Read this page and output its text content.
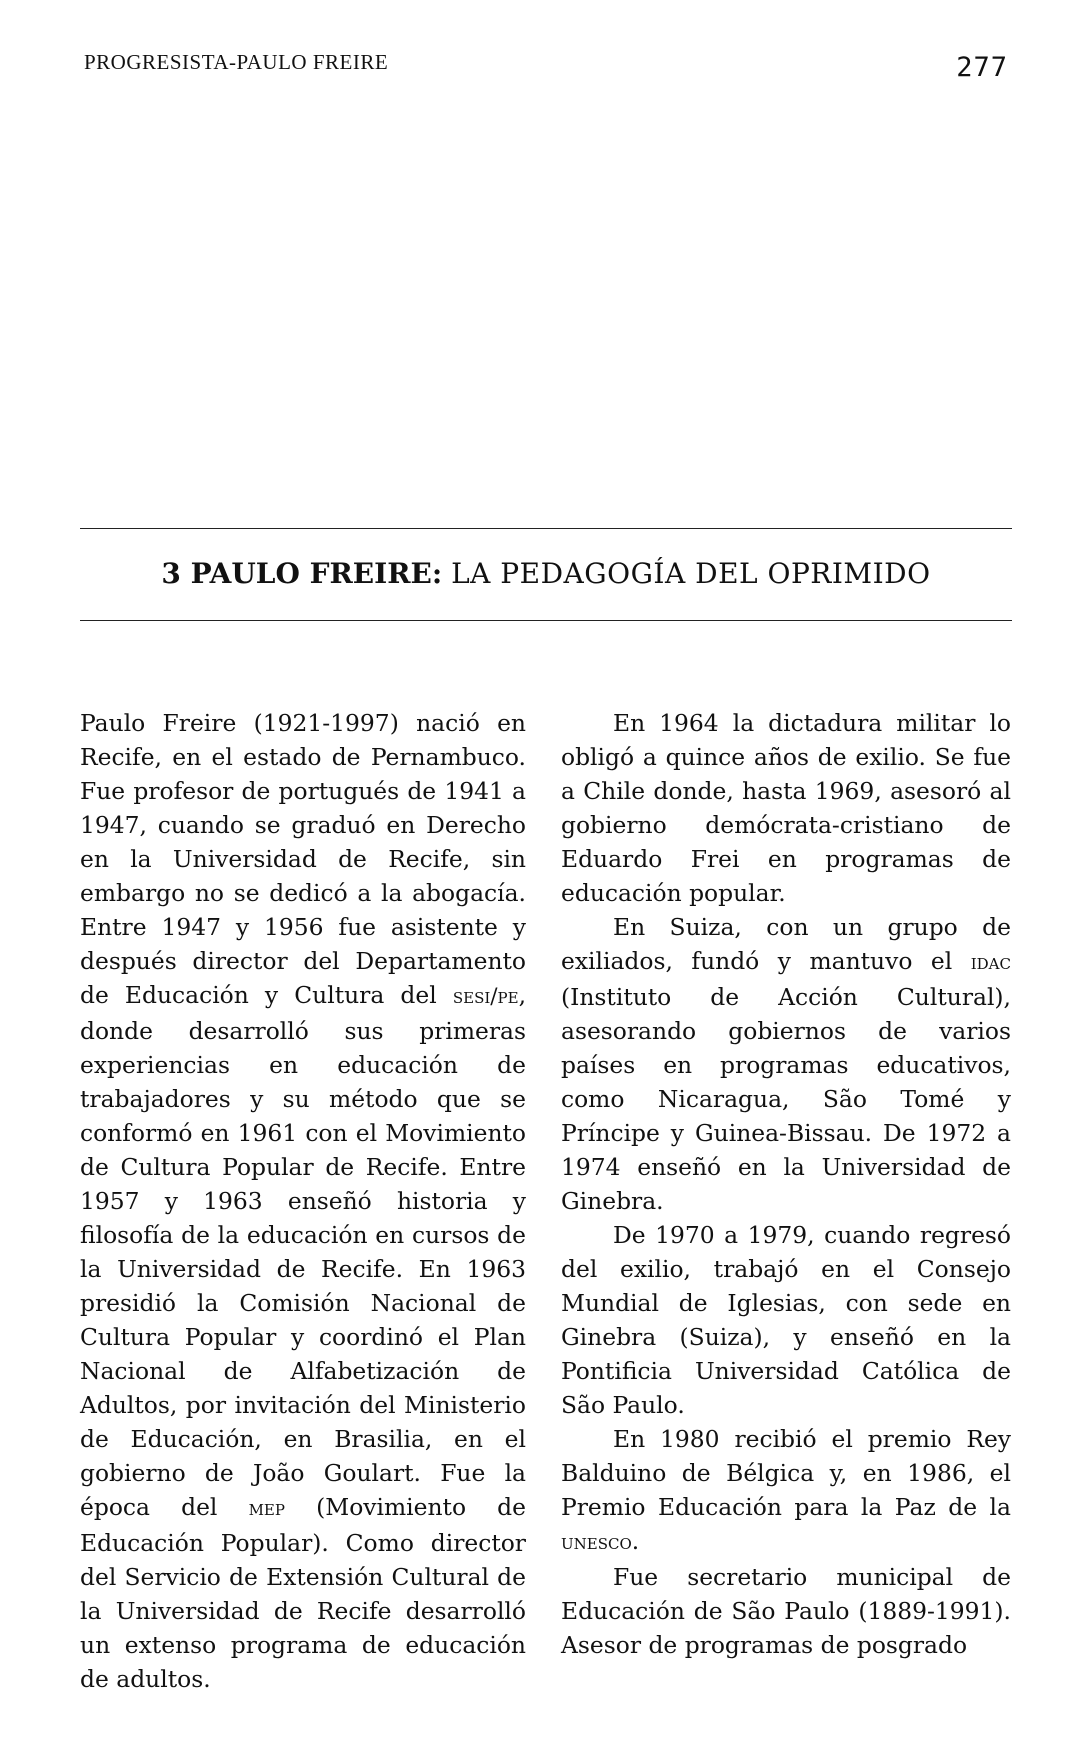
PROGRESISTA-PAULO FREIRE	277
3 PAULO FREIRE: LA PEDAGOGÍA DEL OPRIMIDO

Paulo Freire (1921-1997) nació en Recife, en el estado de Pernambuco. Fue profesor de portugués de 1941 a 1947, cuando se graduó en Derecho en la Universidad de Recife, sin embargo no se dedicó a la abogacía. Entre 1947 y 1956 fue asistente y después director del Departamento de Educación y Cultura del sesi/pe, donde desarrolló sus primeras experiencias en educación de trabajadores y su método que se conformó en 1961 con el Movimiento de Cultura Popular de Recife. Entre 1957 y 1963 enseñó historia y filosofía de la educación en cursos de la Universidad de Recife. En 1963 presidió la Comisión Nacional de Cultura Popular y coordinó el Plan Nacional de Alfabetización de Adultos, por invitación del Ministerio de Educación, en Brasilia, en el gobierno de João Goulart. Fue la época del mep (Movimiento de Educación Popular). Como director del Servicio de Extensión Cultural de la Universidad de Recife desarrolló un extenso programa de educación de adultos.

En 1964 la dictadura militar lo obligó a quince años de exilio. Se fue a Chile donde, hasta 1969, asesoró al gobierno demócrata-cristiano de Eduardo Frei en programas de educación popular.

En Suiza, con un grupo de exiliados, fundó y mantuvo el idac (Instituto de Acción Cultural), asesorando gobiernos de varios países en programas educativos, como Nicaragua, São Tomé y Príncipe y Guinea-Bissau. De 1972 a 1974 enseñó en la Universidad de Ginebra.

De 1970 a 1979, cuando regresó del exilio, trabajó en el Consejo Mundial de Iglesias, con sede en Ginebra (Suiza), y enseñó en la Pontificia Universidad Católica de São Paulo.

En 1980 recibió el premio Rey Balduino de Bélgica y, en 1986, el Premio Educación para la Paz de la unesco.

Fue secretario municipal de Educación de São Paulo (1889-1991). Asesor de programas de posgrado
